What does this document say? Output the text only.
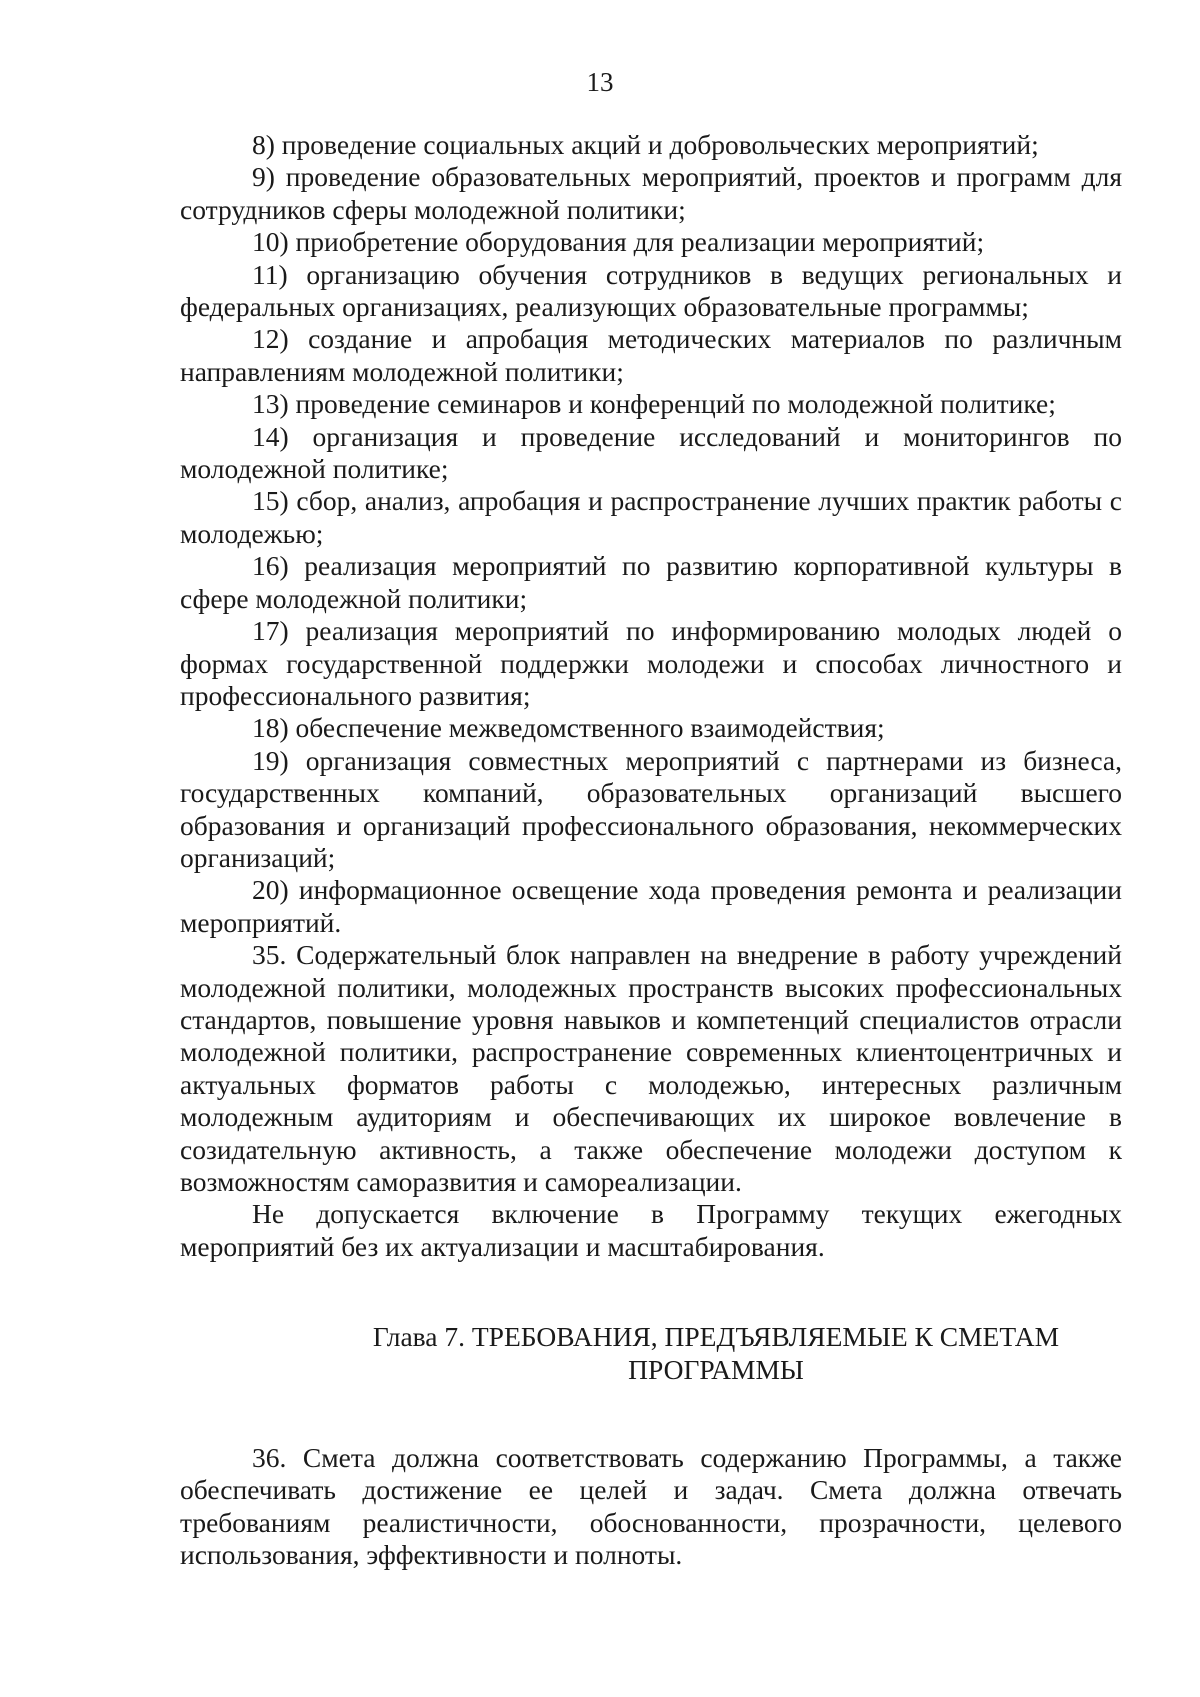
13

8) проведение социальных акций и добровольческих мероприятий;

9) проведение образовательных мероприятий, проектов и программ для сотрудников сферы молодежной политики;

10) приобретение оборудования для реализации мероприятий;

11) организацию обучения сотрудников в ведущих региональных и федеральных организациях, реализующих образовательные программы;

12) создание и апробация методических материалов по различным направлениям молодежной политики;

13) проведение семинаров и конференций по молодежной политике;

14) организация и проведение исследований и мониторингов по молодежной политике;

15) сбор, анализ, апробация и распространение лучших практик работы с молодежью;

16) реализация мероприятий по развитию корпоративной культуры в сфере молодежной политики;

17) реализация мероприятий по информированию молодых людей о формах государственной поддержки молодежи и способах личностного и профессионального развития;

18) обеспечение межведомственного взаимодействия;

19) организация совместных мероприятий с партнерами из бизнеса, государственных компаний, образовательных организаций высшего образования и организаций профессионального образования, некоммерческих организаций;

20) информационное освещение хода проведения ремонта и реализации мероприятий.

35. Содержательный блок направлен на внедрение в работу учреждений молодежной политики, молодежных пространств высоких профессиональных стандартов, повышение уровня навыков и компетенций специалистов отрасли молодежной политики, распространение современных клиентоцентричных и актуальных форматов работы с молодежью, интересных различным молодежным аудиториям и обеспечивающих их широкое вовлечение в созидательную активность, а также обеспечение молодежи доступом к возможностям саморазвития и самореализации.

Не допускается включение в Программу текущих ежегодных мероприятий без их актуализации и масштабирования.

Глава 7. ТРЕБОВАНИЯ, ПРЕДЪЯВЛЯЕМЫЕ К СМЕТАМ
ПРОГРАММЫ

36. Смета должна соответствовать содержанию Программы, а также обеспечивать достижение ее целей и задач. Смета должна отвечать требованиям реалистичности, обоснованности, прозрачности, целевого использования, эффективности и полноты.
